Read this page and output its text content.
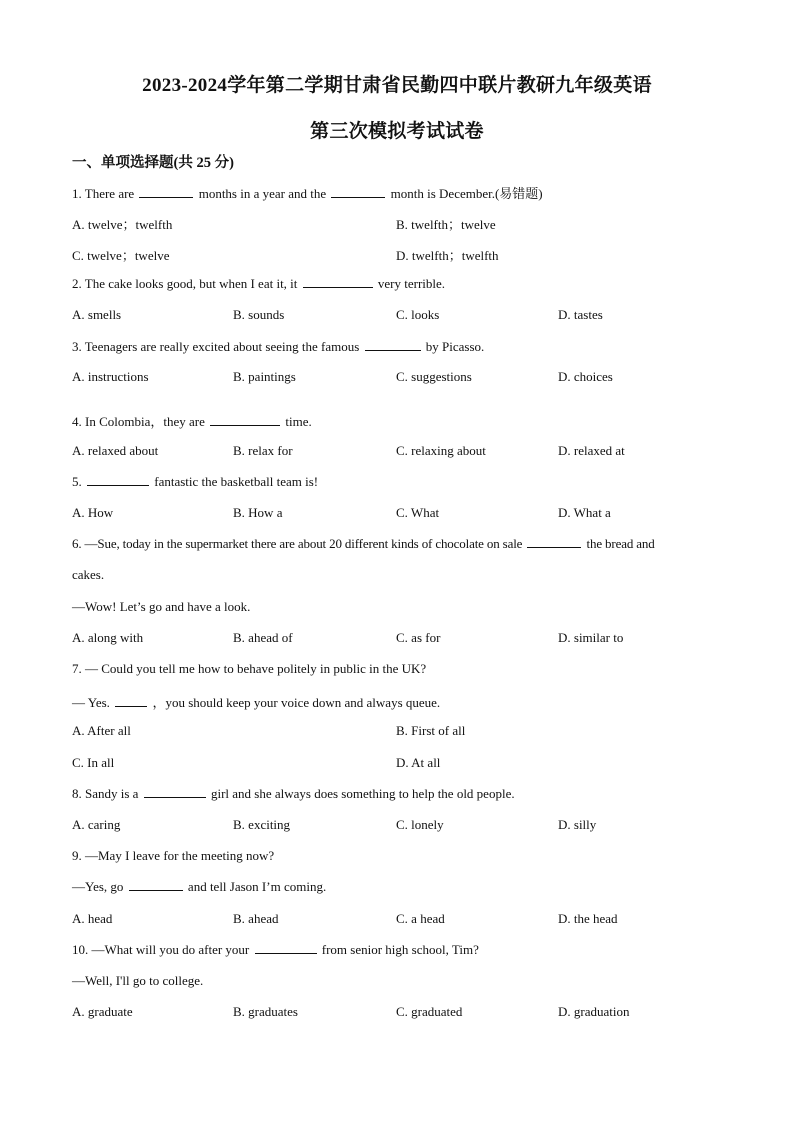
2023-2024学年第二学期甘肃省民勤四中联片教研九年级英语
第三次模拟考试试卷
一、单项选择题(共 25 分)
1. There are	months in a year and the	month is December.(易错题)
A. twelve；twelfth	B. twelfth；twelve
C. twelve；twelve	D. twelfth；twelfth
2. The cake looks good, but when I eat it, it	very terrible.
A. smells	B. sounds	C. looks	D. tastes
3. Teenagers are really excited about seeing the famous	by Picasso.
A. instructions	B. paintings	C. suggestions	D. choices
4. In Colombia，they are	time.
A. relaxed about	B. relax for	C. relaxing about	D. relaxed at
5.	fantastic the basketball team is!
A. How	B. How a	C. What	D. What a
6. —Sue, today in the supermarket there are about 20 different kinds of chocolate on sale	the bread and
cakes.
—Wow! Let’s go and have a look.
A. along with	B. ahead of	C. as for	D. similar to
7. — Could you tell me how to behave politely in public in the UK?
— Yes.	，you should keep your voice down and always queue.
A. After all	B. First of all
C. In all	D. At all
8. Sandy is a	girl and she always does something to help the old people.
A. caring	B. exciting	C. lonely	D. silly
9. —May I leave for the meeting now?
—Yes, go	and tell Jason I’m coming.
A. head	B. ahead	C. a head	D. the head
10. —What will you do after your	from senior high school, Tim?
—Well, I'll go to college.
A. graduate	B. graduates	C. graduated	D. graduation
